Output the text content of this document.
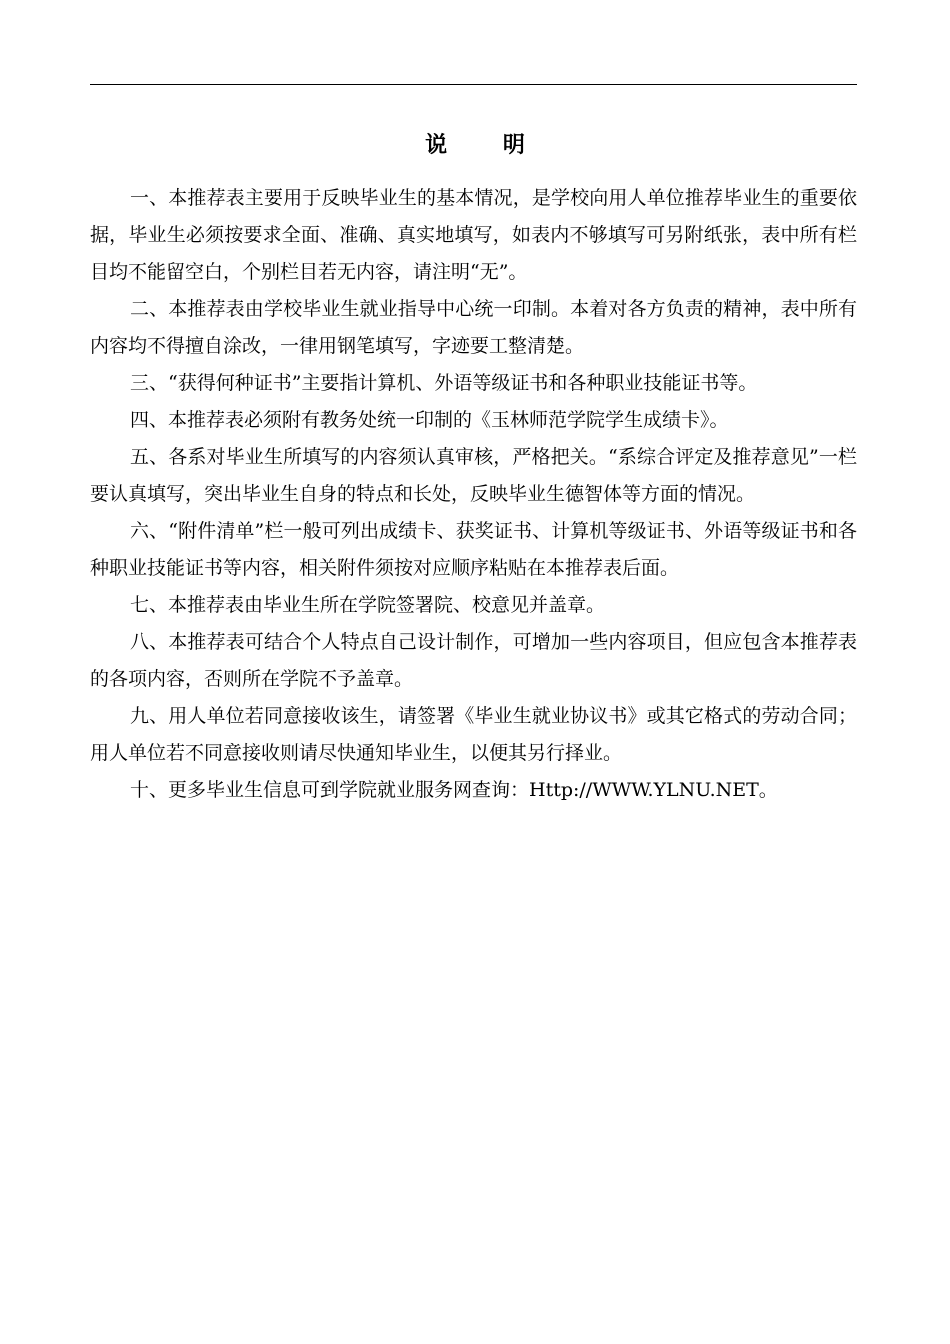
说 明

一、本推荐表主要用于反映毕业生的基本情况，是学校向用人单位推荐毕业生的重要依据，毕业生必须按要求全面、准确、真实地填写，如表内不够填写可另附纸张，表中所有栏目均不能留空白，个别栏目若无内容，请注明“无”。

二、本推荐表由学校毕业生就业指导中心统一印制。本着对各方负责的精神，表中所有内容均不得擅自涂改，一律用钢笔填写，字迹要工整清楚。

三、“获得何种证书”主要指计算机、外语等级证书和各种职业技能证书等。

四、本推荐表必须附有教务处统一印制的《玉林师范学院学生成绩卡》。

五、各系对毕业生所填写的内容须认真审核，严格把关。“系综合评定及推荐意见”一栏要认真填写，突出毕业生自身的特点和长处，反映毕业生德智体等方面的情况。

六、“附件清单”栏一般可列出成绩卡、获奖证书、计算机等级证书、外语等级证书和各种职业技能证书等内容，相关附件须按对应顺序粘贴在本推荐表后面。

七、本推荐表由毕业生所在学院签署院、校意见并盖章。

八、本推荐表可结合个人特点自己设计制作，可增加一些内容项目，但应包含本推荐表的各项内容，否则所在学院不予盖章。

九、用人单位若同意接收该生，请签署《毕业生就业协议书》或其它格式的劳动合同；用人单位若不同意接收则请尽快通知毕业生，以便其另行择业。

十、更多毕业生信息可到学院就业服务网查询：Http://WWW.YLNU.NET。
